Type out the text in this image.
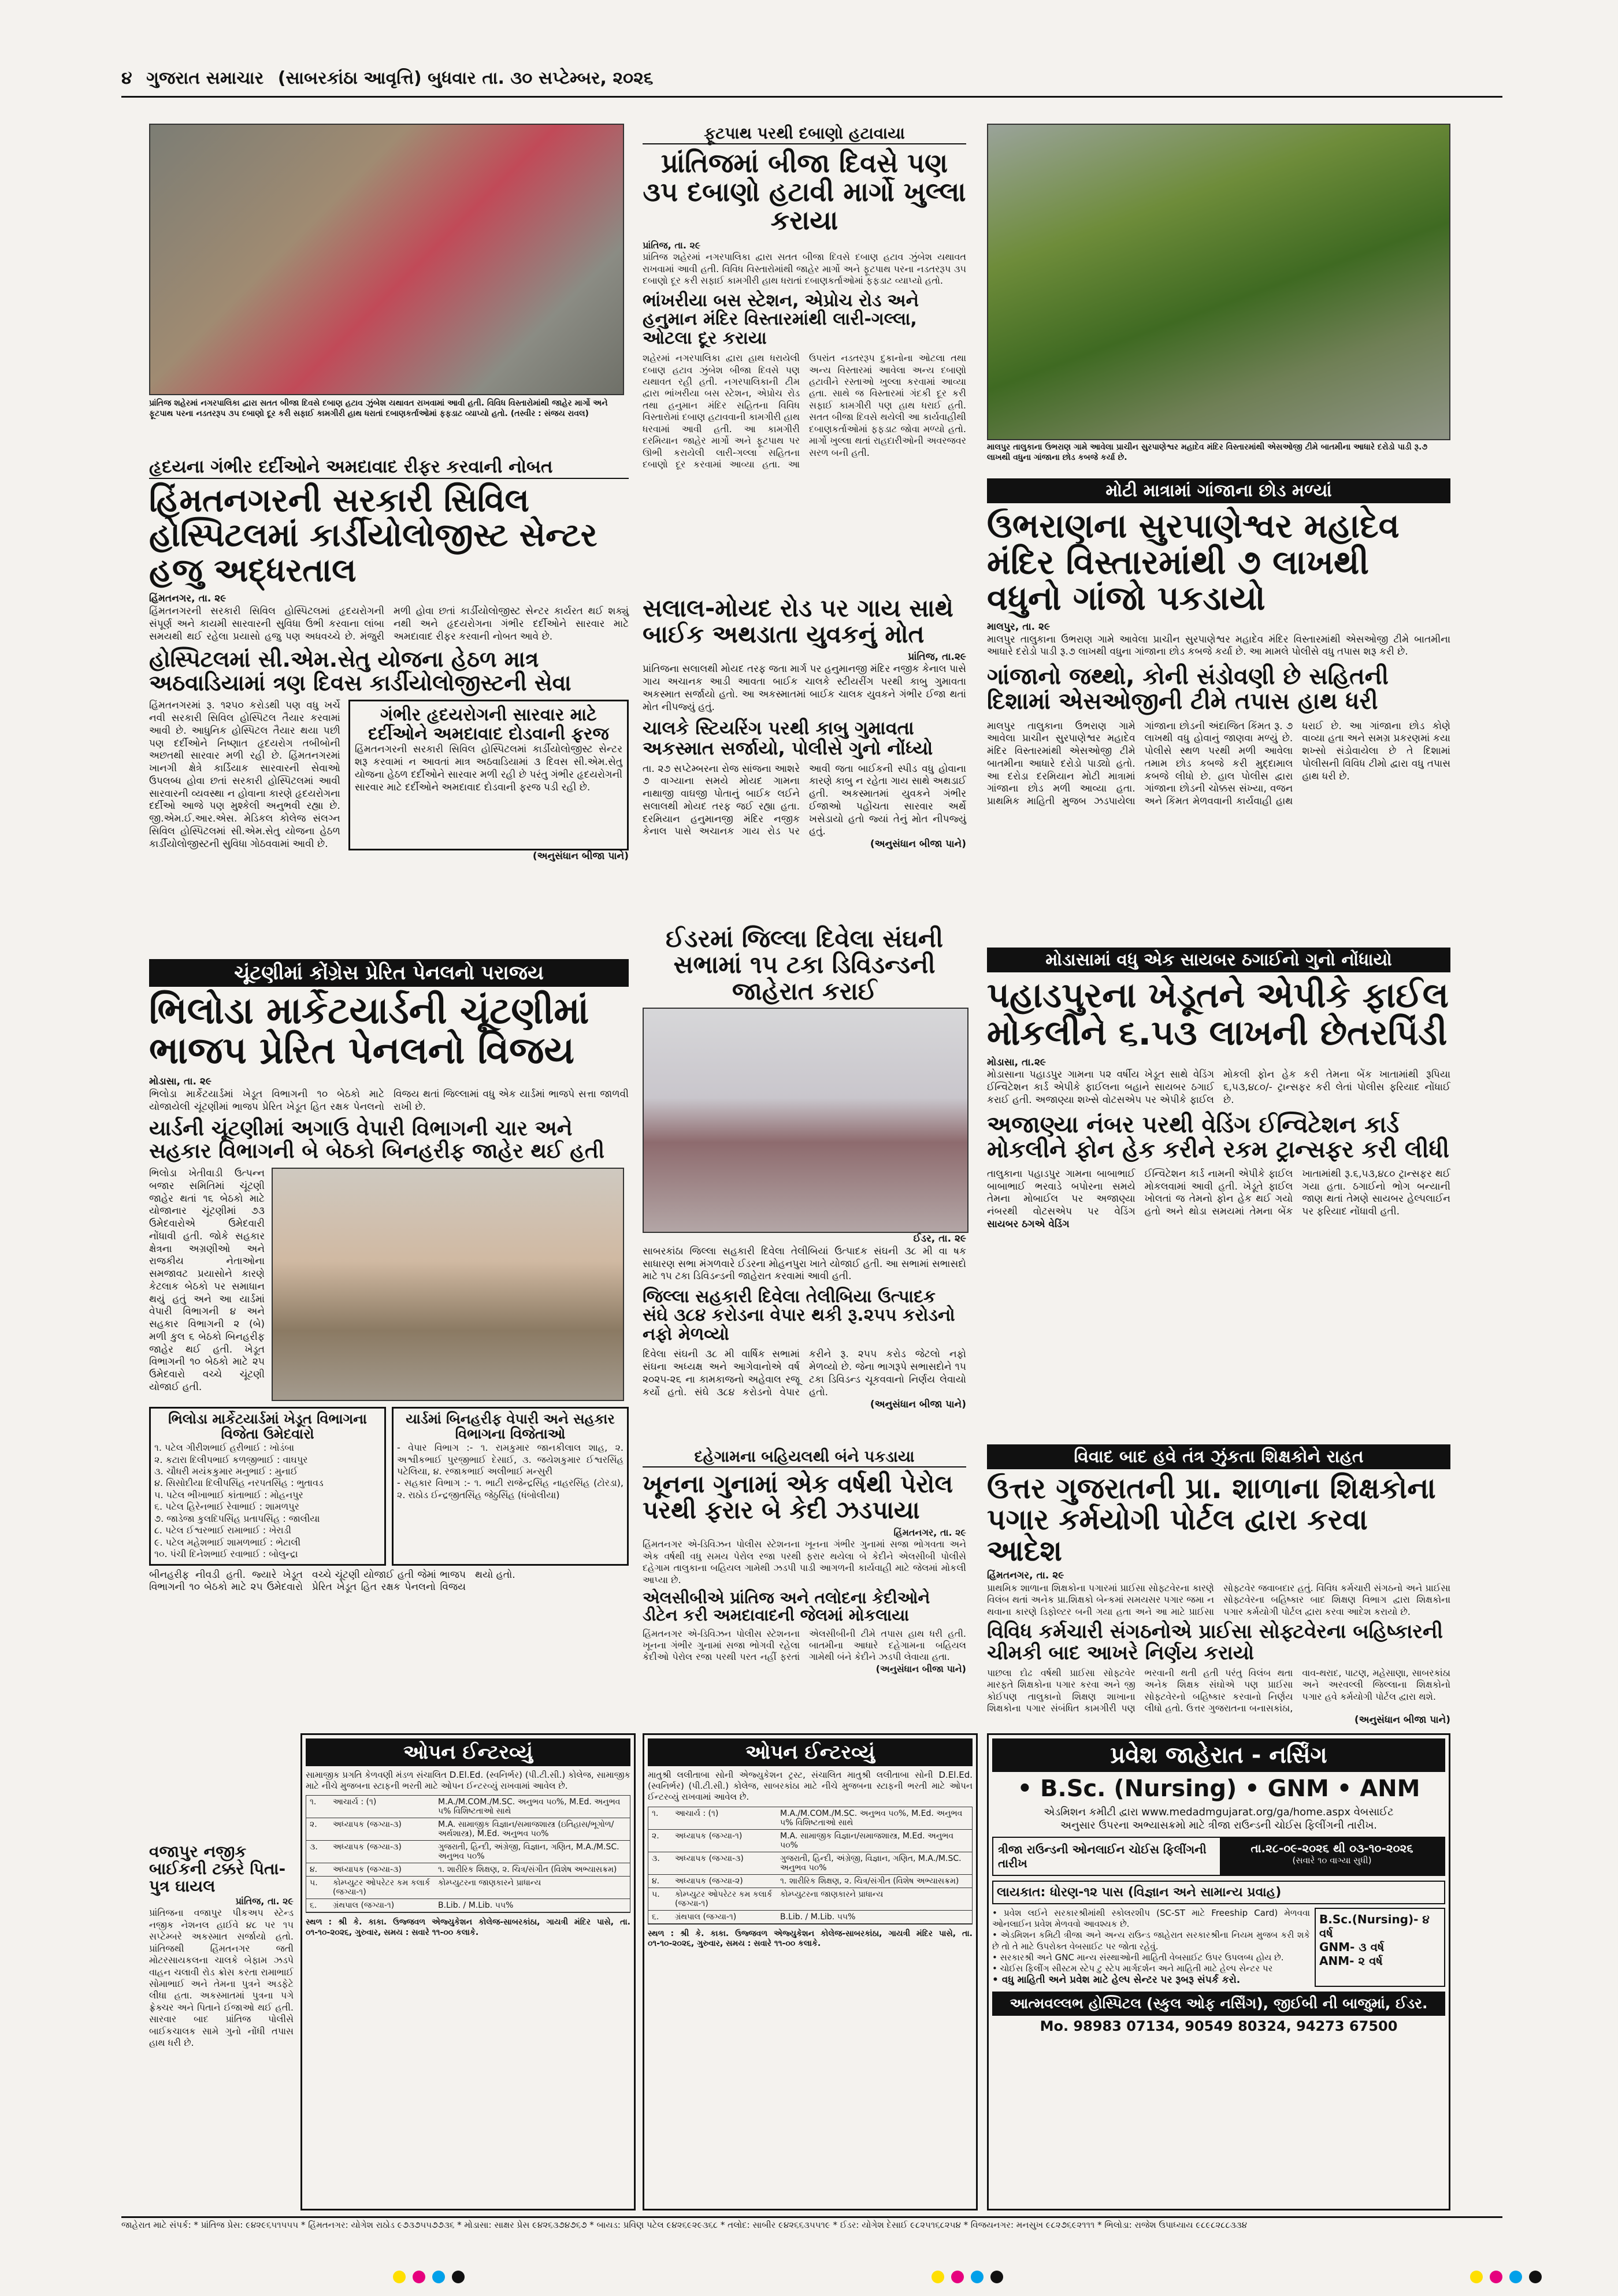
૪ ગુજરાત સમાચાર (સાબરકાંઠા આવૃત્તિ) બુધવાર તા. ૩૦ સપ્ટેમ્બર, ૨૦૨૬
પ્રાંતિજ શહેરમાં નગરપાલિકા દ્વારા સતત બીજા દિવસે દબાણ હટાવ ઝુંબેશ યથાવત રાખવામાં આવી હતી. વિવિધ વિસ્તારોમાંથી જાહેર માર્ગો અને ફૂટપાથ પરના નડતરરૂપ ૩૫ દબાણો દૂર કરી સફાઈ કામગીરી હાથ ધરાતાં દબાણકર્તાઓમાં ફફડાટ વ્યાપ્યો હતો. (તસ્વીર : સંજય રાવલ)
ફૂટપાથ પરથી દબાણો હટાવાયા
પ્રાંતિજમાં બીજા દિવસે પણ ૩૫ દબાણો હટાવી માર્ગો ખુલ્લા કરાયા
પ્રાંતિજ, તા. ૨૯
પ્રાંતિજ શહેરમાં નગરપાલિકા દ્વારા સતત બીજા દિવસે દબાણ હટાવ ઝુંબેશ યથાવત રાખવામાં આવી હતી. વિવિધ વિસ્તારોમાંથી જાહેર માર્ગો અને ફૂટપાથ પરના નડતરરૂપ ૩૫ દબાણો દૂર કરી સફાઈ કામગીરી હાથ ધરાતાં દબાણકર્તાઓમાં ફફડાટ વ્યાપ્યો હતો.
ભાંખરીયા બસ સ્ટેશન, એપ્રોચ રોડ અને હનુમાન મંદિર વિસ્તારમાંથી લારી-ગલ્લા, ઓટલા દૂર કરાયા
શહેરમાં નગરપાલિકા દ્વારા હાથ ધરાયેલી દબાણ હટાવ ઝુંબેશ બીજા દિવસે પણ યથાવત રહી હતી. નગરપાલિકાની ટીમ દ્વારા ભાંખરીયા બસ સ્ટેશન, એપ્રોચ રોડ તથા હનુમાન મંદિર સહિતના વિવિધ વિસ્તારોમાં દબાણ હટાવવાની કામગીરી હાથ ધરવામાં આવી હતી. આ કામગીરી દરમિયાન જાહેર માર્ગો અને ફૂટપાથ પર ઊભી કરાયેલી લારી-ગલ્લા સહિતના દબાણો દૂર કરવામાં આવ્યા હતા. આ ઉપરાંત નડતરરૂપ દુકાનોના ઓટલા તથા અન્ય વિસ્તારમાં આવેલા અન્ય દબાણો હટાવીને રસ્તાઓ ખુલ્લા કરવામાં આવ્યા હતા. સાથે જ વિસ્તારમાં ગંદકી દૂર કરી સફાઈ કામગીરી પણ હાથ ધરાઈ હતી. સતત બીજા દિવસે થયેલી આ કાર્યવાહીથી દબાણકર્તાઓમાં ફફડાટ જોવા મળ્યો હતો. માર્ગો ખુલ્લા થતાં રાહદારીઓની અવરજવર સરળ બની હતી.	માલપુર તાલુકાના ઉભરાણ ગામે આવેલા પ્રાચીન સુરપાણેશ્વર મહાદેવ મંદિર વિસ્તારમાંથી એસઓજી ટીમે બાતમીના આધારે દરોડો પાડી રૂ.૭ લાખથી વધુના ગાંજાના છોડ કબજે કર્યા છે.
મોટી માત્રામાં ગાંજાના છોડ મળ્યાં
ઉભરાણના સુરપાણેશ્વર મહાદેવ મંદિર વિસ્તારમાંથી ૭ લાખથી વધુનો ગાંજો પકડાયો
માલપુર, તા. ૨૯
માલપુર તાલુકાના ઉભરાણ ગામે આવેલા પ્રાચીન સુરપાણેશ્વર મહાદેવ મંદિર વિસ્તારમાંથી એસઓજી ટીમે બાતમીના આધારે દરોડો પાડી રૂ.૭ લાખથી વધુના ગાંજાના છોડ કબજે કર્યા છે. આ મામલે પોલીસે વધુ તપાસ શરૂ કરી છે.
ગાંજાનો જથ્થો, કોની સંડોવણી છે સહિતની દિશામાં એસઓજીની ટીમે તપાસ હાથ ધરી
માલપુર તાલુકાના ઉભરાણ ગામે આવેલા પ્રાચીન સુરપાણેશ્વર મહાદેવ મંદિર વિસ્તારમાંથી એસઓજી ટીમે બાતમીના આધારે દરોડો પાડ્યો હતો. આ દરોડા દરમિયાન મોટી માત્રામાં ગાંજાના છોડ મળી આવ્યા હતા. પ્રાથમિક માહિતી મુજબ ઝડપાયેલા ગાંજાના છોડની અંદાજિત કિંમત રૂ. ૭ લાખથી વધુ હોવાનું જાણવા મળ્યું છે. પોલીસે સ્થળ પરથી મળી આવેલા તમામ છોડ કબજે કરી મુદ્દામાલ કબજે લીધો છે. હાલ પોલીસ દ્વારા ગાંજાના છોડની ચોક્કસ સંખ્યા, વજન અને કિંમત મેળવવાની કાર્યવાહી હાથ ધરાઈ છે. આ ગાંજાના છોડ કોણે વાવ્યા હતા અને સમગ્ર પ્રકરણમાં કયા શખ્સો સંડોવાયેલા છે તે દિશામાં પોલીસની વિવિધ ટીમો દ્વારા વધુ તપાસ હાથ ધરી છે.
હૃદયના ગંભીર દર્દીઓને અમદાવાદ રીફર કરવાની નોબત
હિંમતનગરની સરકારી સિવિલ હોસ્પિટલમાં કાર્ડીયોલોજીસ્ટ સેન્ટર હજુ અદ્ધરતાલ
હિંમતનગર, તા. ૨૯
હિંમતનગરની સરકારી સિવિલ હોસ્પિટલમાં હૃદયરોગની સંપૂર્ણ અને કાયમી સારવારની સુવિધા ઉભી કરવાના લાંબા સમયથી થઈ રહેલા પ્રયાસો હજુ પણ અધવચ્ચે છે. મંજુરી મળી હોવા છતાં કાર્ડીયોલોજીસ્ટ સેન્ટર કાર્યરત થઈ શક્યું નથી અને હૃદયરોગના ગંભીર દર્દીઓને સારવાર માટે અમદાવાદ રીફર કરવાની નોબત આવે છે.
હોસ્પિટલમાં સી.એમ.સેતુ યોજના હેઠળ માત્ર અઠવાડિયામાં ત્રણ દિવસ કાર્ડીયોલોજીસ્ટની સેવા
હિંમતનગરમાં રૂ. ૧૨૫૦ કરોડથી પણ વધુ ખર્ચે નવી સરકારી સિવિલ હોસ્પિટલ તૈયાર કરવામાં આવી છે. આધુનિક હોસ્પિટલ તૈયાર થયા પછી પણ દર્દીઓને નિષ્ણાત હૃદયરોગ તબીબોની અછતથી સારવાર મળી રહી છે. હિંમતનગરમાં ખાનગી ક્ષેત્રે કાર્ડિયાક સારવારની સેવાઓ ઉપલબ્ધ હોવા છતાં સરકારી હોસ્પિટલમાં આવી સારવારની વ્યવસ્થા ન હોવાના કારણે હૃદયરોગના દર્દીઓ આજે પણ મુશ્કેલી અનુભવી રહ્યા છે. જી.એમ.ઈ.આર.એસ. મેડિકલ કોલેજ સંલગ્ન સિવિલ હોસ્પિટલમાં સી.એમ.સેતુ યોજના હેઠળ કાર્ડીયોલોજીસ્ટની સુવિધા ગોઠવવામાં આવી છે.
ગંભીર હૃદયરોગની સારવાર માટે દર્દીઓને અમદાવાદ દોડવાની ફરજ
હિંમતનગરની સરકારી સિવિલ હોસ્પિટલમાં કાર્ડીયોલોજીસ્ટ સેન્ટર શરૂ કરવામાં ન આવતાં માત્ર અઠવાડિયામાં ૩ દિવસ સી.એમ.સેતુ યોજના હેઠળ દર્દીઓને સારવાર મળી રહી છે પરંતુ ગંભીર હૃદયરોગની સારવાર માટે દર્દીઓને અમદાવાદ દોડવાની ફરજ પડી રહી છે.
(અનુસંધાન બીજા પાને)
સલાલ-મોયદ રોડ પર ગાય સાથે બાઈક અથડાતા યુવકનું મોત
પ્રાંતિજ, તા.૨૯
પ્રાંતિજના સલાલથી મોયદ તરફ જતા માર્ગ પર હનુમાનજી મંદિર નજીક કેનાલ પાસે ગાય અચાનક આડી આવતા બાઈક ચાલકે સ્ટીયરીંગ પરથી કાબુ ગુમાવતા અકસ્માત સર્જાયો હતો. આ અકસ્માતમાં બાઈક ચાલક યુવકને ગંભીર ઈજા થતાં મોત નીપજ્યું હતું.
ચાલકે સ્ટિયરિંગ પરથી કાબુ ગુમાવતા અકસ્માત સર્જાયો, પોલીસે ગુનો નોંધ્યો
તા. ૨૭ સપ્ટેમ્બરના રોજ સાંજના આશરે ૭ વાગ્યાના સમયે મોયદ ગામના નાથાજી વાઘજી પોતાનું બાઈક લઈને સલાલથી મોયદ તરફ જઈ રહ્યા હતા. દરમિયાન હનુમાનજી મંદિર નજીક કેનાલ પાસે અચાનક ગાય રોડ પર આવી જતા બાઈકની સ્પીડ વધુ હોવાના કારણે કાબુ ન રહેતા ગાય સાથે અથડાઈ હતી. અકસ્માતમાં યુવકને ગંભીર ઈજાઓ પહોંચતા સારવાર અર્થે ખસેડાયો હતો જ્યાં તેનું મોત નીપજ્યું હતું.
(અનુસંધાન બીજા પાને)
ઈડરમાં જિલ્લા દિવેલા સંઘની સભામાં ૧૫ ટકા ડિવિડન્ડની જાહેરાત કરાઈ
ઈડર, તા. ૨૯
સાબરકાંઠા જિલ્લા સહકારી દિવેલા તેલીબિયાં ઉત્પાદક સંઘની ૩૮ મી વા ષક સાધારણ સભા મંગળવારે ઈડરના મોહનપુરા ખાતે યોજાઈ હતી. આ સભામાં સભાસદો માટે ૧૫ ટકા ડિવિડન્ડની જાહેરાત કરવામાં આવી હતી.
જિલ્લા સહકારી દિવેલા તેલીબિયા ઉત્પાદક સંઘે ૩૮૪ કરોડના વેપાર થકી રૂ.૨૫૫ કરોડનો નફો મેળવ્યો
દિવેલા સંઘની ૩૮ મી વાર્ષિક સભામાં સંઘના અધ્યક્ષ અને આગેવાનોએ વર્ષ ૨૦૨૫-૨૬ ના કામકાજનો અહેવાલ રજૂ કર્યો હતો. સંઘે ૩૮૪ કરોડનો વેપાર કરીને રૂ. ૨૫૫ કરોડ જેટલો નફો મેળવ્યો છે. જેના ભાગરૂપે સભાસદોને ૧૫ ટકા ડિવિડન્ડ ચૂકવવાનો નિર્ણય લેવાયો હતો.
(અનુસંધાન બીજા પાને)
મોડાસામાં વધુ એક સાયબર ઠગાઈનો ગુનો નોંધાયો
પહાડપુરના ખેડૂતને એપીકે ફાઈલ મોકલીને ૬.૫૩ લાખની છેતરપિંડી
મોડાસા, તા.૨૯
મોડાસાના પહાડપુર ગામના ૫૨ વર્ષીય ખેડૂત સાથે વેડિંગ ઈન્વિટેશન કાર્ડ એપીકે ફાઈલના બહાને સાયબર ઠગાઈ કરાઈ હતી. અજાણ્યા શખ્સે વોટસએપ પર એપીકે ફાઈલ મોકલી ફોન હેક કરી તેમના બેંક ખાતામાંથી રૂપિયા ૬,૫૩,૪૮૦/- ટ્રાન્સફર કરી લેતાં પોલીસ ફરિયાદ નોંધાઈ છે.
અજાણ્યા નંબર પરથી વેડિંગ ઈન્વિટેશન કાર્ડ મોકલીને ફોન હેક કરીને રકમ ટ્રાન્સફર કરી લીધી
તાલુકાના પહાડપુર ગામના બાબાભાઈ બાબાભાઈ ભરવાડે બપોરના સમયે તેમના મોબાઈલ પર અજાણ્યા નંબરથી વોટસએપ પર વેડિંગ ઈન્વિટેશન કાર્ડ નામની એપીકે ફાઈલ મોકલવામાં આવી હતી. ખેડૂતે ફાઈલ ખોલતાં જ તેમનો ફોન હેક થઈ ગયો હતો અને થોડા સમયમાં તેમના બેંક ખાતામાંથી રૂ.૬,૫૩,૪૮૦ ટ્રાન્સફર થઈ ગયા હતા. ઠગાઈનો ભોગ બન્યાની જાણ થતાં તેમણે સાયબર હેલ્પલાઈન પર ફરિયાદ નોંધાવી હતી.
સાયબર ઠગએ વેડિંગ
ચૂંટણીમાં કોંગ્રેસ પ્રેરિત પેનલનો પરાજય
ભિલોડા માર્કેટયાર્ડની ચૂંટણીમાં ભાજપ પ્રેરિત પેનલનો વિજય
મોડાસા, તા. ૨૯
ભિલોડા માર્કેટયાર્ડમાં ખેડૂત વિભાગની ૧૦ બેઠકો માટે યોજાયેલી ચૂંટણીમાં ભાજપ પ્રેરિત ખેડૂત હિત રક્ષક પેનલનો વિજય થતાં જિલ્લામાં વધુ એક યાર્ડમાં ભાજપે સત્તા જાળવી રાખી છે.
યાર્ડની ચૂંટણીમાં અગાઉ વેપારી વિભાગની ચાર અને સહકાર વિભાગની બે બેઠકો બિનહરીફ જાહેર થઈ હતી
ભિલોડા ખેતીવાડી ઉત્પન્ન બજાર સમિતિમાં ચૂંટણી જાહેર થતાં ૧૬ બેઠકો માટે યોજાનાર ચૂંટણીમાં ૭૩ ઉમેદવારોએ ઉમેદવારી નોંધાવી હતી. જોકે સહકાર ક્ષેત્રના અગ્રણીઓ અને રાજકીય નેતાઓના સમજાવટ પ્રયાસોને કારણે કેટલાક બેઠકો પર સમાધાન થયું હતું અને આ યાર્ડમાં વેપારી વિભાગની ૪ અને સહકાર વિભાગની ૨ (બે) મળી કુલ ૬ બેઠકો બિનહરીફ જાહેર થઈ હતી. ખેડૂત વિભાગની ૧૦ બેઠકો માટે ૨૫ ઉમેદવારો વચ્ચે ચૂંટણી યોજાઈ હતી.
ભિલોડા માર્કેટયાર્ડમાં ખેડૂત વિભાગના વિજેતા ઉમેદવારો
૧. પટેલ ગીરીશભાઈ હરીભાઈ : ખોડંબા
૨. કટારા દિલીપભાઈ કળજીભાઈ : વાઘપુર
૩. ચૌધરી મયંકકુમાર મનુભાઈ : મુનાઈ
૪. સિસોદીયા દિલીપસિંહ નરપતસિંહ : ભુતાવડ
૫. પટેલ ભીખાભાઈ કાંતાભાઈ : મોહનપુર
૬. પટેલ હિરેનભાઈ રેવાભાઈ : શામળપુર
૭. જાડેજા કુલદિપસિંહ પ્રતાપસિંહ : જાલીયા
૮. પટેલ ઈશ્વરભાઈ રામાભાઈ : ખેરાડી
૯. પટેલ મહેશભાઈ શામળભાઈ : ભેટાલી
૧૦. પંચી દિનેશભાઈ રવાભાઈ : બોલુન્દ્રા
યાર્ડમાં બિનહરીફ વેપારી અને સહકાર વિભાગના વિજેતાઓ
- વેપાર વિભાગ :- ૧. રામકુમાર જાનકીલાલ શાહ, ૨. અશ્વીકભાઈ પુરજીભાઈ દેસાઈ, ૩. જયેશકુમાર ઈશ્વરસિંહ પટેલિયા, ૪. રજાકભાઈ અલીભાઈ મન્સુરી
- સહકાર વિભાગ :- ૧. ભાટી રાજેન્દ્રસિંહ નાહરસિંહ (ટોરડા), ૨. રાઠોડ ઈન્દ્રજીતસિંહ જેઠુસિંહ (ધંબોલીયા)
બીનહરીફ નીવડી હતી. જ્યારે ખેડૂત વિભાગની ૧૦ બેઠકો માટે ૨૫ ઉમેદવારો વચ્ચે ચૂંટણી યોજાઈ હતી જેમાં ભાજપ પ્રેરિત ખેડૂત હિત રક્ષક પેનલનો વિજય થયો હતો.
વિવાદ બાદ હવે તંત્ર ઝુંકતા શિક્ષકોને રાહત
ઉત્તર ગુજરાતની પ્રા. શાળાના શિક્ષકોના પગાર કર્મયોગી પોર્ટલ દ્વારા કરવા આદેશ
હિંમતનગર, તા. ૨૯
પ્રાથમિક શાળાના શિક્ષકોના પગારમાં પ્રાઈસા સોફ્ટવેરના કારણે વિલંબ થતાં અનેક પ્રા.શિક્ષકો બેન્કમાં સમયસર પગાર જમા ન થવાના કારણે ડિફોલ્ટર બની ગયા હતા અને આ માટે પ્રાઈસા સોફ્ટવેર જવાબદાર હતું. વિવિધ કર્મચારી સંગઠનો અને પ્રાઈસા સોફ્ટવેરના બહિષ્કાર બાદ શિક્ષણ વિભાગ દ્વારા શિક્ષકોના પગાર કર્મયોગી પોર્ટલ દ્વારા કરવા આદેશ કરાયો છે.
વિવિધ કર્મચારી સંગઠનોએ પ્રાઈસા સોફ્ટવેરના બહિષ્કારની ચીમકી બાદ આખરે નિર્ણય કરાયો
પાછલા દોઢ વર્ષથી પ્રાઈસા સોફ્ટવેર મારફતે શિક્ષકોના પગાર કરવા અને જી કોઈપણ તાલુકાનો શિક્ષણ શાખાના શિક્ષકોના પગાર સંબંધિત કામગીરી પણ ભરવાની થતી હતી પરંતુ વિલંબ થતા અનેક શિક્ષક સંઘોએ પણ પ્રાઈસા સોફ્ટવેરનો બહિષ્કાર કરવાનો નિર્ણય લીધો હતો. ઉત્તર ગુજરાતના બનાસકાંઠા, વાવ-થરાદ, પાટણ, મહેસાણા, સાબરકાંઠા અને અરવલ્લી જિલ્લાના શિક્ષકોનો પગાર હવે કર્મયોગી પોર્ટલ દ્વારા થશે.
(અનુસંધાન બીજા પાને)
દહેગામના બહિયલથી બંને પકડાયા
ખૂનના ગુનામાં એક વર્ષથી પેરોલ પરથી ફરાર બે કેદી ઝડપાયા
હિંમતનગર, તા. ૨૯
હિંમતનગર એ-ડિવિઝન પોલીસ સ્ટેશનના ખૂનના ગંભીર ગુનામાં સજા ભોગવતા અને એક વર્ષથી વધુ સમય પેરોલ રજા પરથી ફરાર થયેલા બે કેદીને એલસીબી પોલીસે દહેગામ તાલુકાના બહિયલ ગામેથી ઝડપી પાડી આગળની કાર્યવાહી માટે જેલમાં મોકલી આપ્યા છે.
એલસીબીએ પ્રાંતિજ અને તલોદના કેદીઓને ડીટેન કરી અમદાવાદની જેલમાં મોકલાયા
હિંમતનગર એ-ડિવિઝન પોલીસ સ્ટેશનના ખૂનના ગંભીર ગુનામાં સજા ભોગવી રહેલા કેદીઓ પેરોલ રજા પરથી પરત નહીં ફરતાં એલસીબીની ટીમે તપાસ હાથ ધરી હતી. બાતમીના આધારે દહેગામના બહિયલ ગામેથી બંને કેદીને ઝડપી લેવાયા હતા.
(અનુસંધાન બીજા પાને)
વજાપુર નજીક બાઈકની ટક્કરે પિતા-પુત્ર ઘાયલ
પ્રાંતિજ, તા. ૨૯
પ્રાંતિજના વજાપુર પીકઅપ સ્ટેન્ડ નજીક નેશનલ હાઈવે ૪૮ પર ૧૫ સપ્ટેમ્બરે અકસ્માત સર્જાયો હતો. પ્રાંતિજથી હિંમતનગર જતી મોટરસાયકલના ચાલકે બેફામ ઝડપે વાહન ચલાવી રોડ ક્રોસ કરતા રામાભાઈ સોમાભાઈ અને તેમના પુત્રને અડફેટે લીધા હતા. અકસ્માતમાં પુત્રના પગે ફ્રેક્ચર અને પિતાને ઈજાઓ થઈ હતી. સારવાર બાદ પ્રાંતિજ પોલીસે બાઈકચાલક સામે ગુનો નોંધી તપાસ હાથ ધરી છે.
ઓપન ઈન્ટરવ્યું
સામાજીક પ્રગતિ કેળવણી મંડળ સંચાલિત D.El.Ed. (સ્વનિર્ભર) (પી.ટી.સી.) કોલેજ, સામાજીક માટે નીચે મુજબના સ્ટાફની ભરતી માટે ઓપન ઈન્ટરવ્યું રાખવામાં આવેલ છે.
૧.	આચાર્ય : (૧)	M.A./M.COM./M.SC. અનુભવ ૫૦%, M.Ed. અનુભવ ૫% વિશિષ્ટતાઓ સાથે
૨.	અધ્યાપક (જગ્યા-૩)	M.A. સામાજીક વિજ્ઞાન/સમાજશાસ્ત્ર (ઇતિહાસ/ભૂગોળ/અર્થશાસ્ત્ર), M.Ed. અનુભવ ૫૦%
૩.	અધ્યાપક (જગ્યા-૩)	ગુજરાતી, હિન્દી, અંગ્રેજી, વિજ્ઞાન, ગણિત, M.A./M.SC. અનુભવ ૫૦%
૪.	અધ્યાપક (જગ્યા-૩)	૧. શારીરિક શિક્ષણ, ૨. ચિત્ર/સંગીત (વિશેષ અભ્યાસક્રમ)
૫.	કોમ્પ્યુટર ઓપરેટર કમ કલાર્ક (જગ્યા-૧)
કોમ્પ્યુટરના જાણકારને પ્રાધાન્ય
૬.	ગ્રંથપાલ (જગ્યા-૧)	B.Lib. / M.Lib. ૫૫%
સ્થળ : શ્રી કે. કાકા. ઉજ્જવળ એજ્યુકેશન કોલેજ-સાબરકાંઠા, ગાયત્રી મંદિર પાસે, તા. ૦૧-૧૦-૨૦૨૬, ગુરુવાર, સમય : સવારે ૧૧-૦૦ કલાકે.
ઓપન ઈન્ટરવ્યું
માતુશ્રી લલીતાબા સોની એજ્યુકેશન ટ્રસ્ટ, સંચાલિત માતુશ્રી લલીતાબા સોની D.El.Ed. (સ્વનિર્ભર) (પી.ટી.સી.) કોલેજ, સાબરકાંઠા માટે નીચે મુજબના સ્ટાફની ભરતી માટે ઓપન ઈન્ટરવ્યું રાખવામાં આવેલ છે.
૧.	આચાર્ય : (૧)	M.A./M.COM./M.SC. અનુભવ ૫૦%, M.Ed. અનુભવ ૫% વિશિષ્ટતાઓ સાથે
૨.	અધ્યાપક (જગ્યા-૧)	M.A. સામાજીક વિજ્ઞાન/સમાજશાસ્ત્ર, M.Ed. અનુભવ ૫૦%
૩.	અધ્યાપક (જગ્યા-૩)	ગુજરાતી, હિન્દી, અંગ્રેજી, વિજ્ઞાન, ગણિત, M.A./M.SC. અનુભવ ૫૦%
૪.	અધ્યાપક (જગ્યા-૨)	૧. શારીરિક શિક્ષણ, ૨. ચિત્ર/સંગીત (વિશેષ અભ્યાસક્રમ)
૫.	કોમ્પ્યુટર ઓપરેટર કમ કલાર્ક (જગ્યા-૧)
કોમ્પ્યુટરના જાણકારને પ્રાધાન્ય
૬.	ગ્રંથપાલ (જગ્યા-૧)	B.Lib. / M.Lib. ૫૫%
સ્થળ : શ્રી કે. કાકા. ઉજ્જવળ એજ્યુકેશન કોલેજ-સાબરકાંઠા, ગાયત્રી મંદિર પાસે, તા. ૦૧-૧૦-૨૦૨૬, ગુરુવાર, સમય : સવારે ૧૧-૦૦ કલાકે.
પ્રવેશ જાહેરાત - નર્સિંગ
• B.Sc. (Nursing) • GNM • ANM
એડમિશન કમીટી દ્વારા www.medadmgujarat.org/ga/home.aspx વેબસાઈટ
અનુસાર ઉપરના અભ્યાસક્રમો માટે ત્રીજા રાઉન્ડની ચોઈસ ફિલીંગની તારીખ.
ત્રીજા રાઉન્ડની ઓનલાઈન ચોઈસ ફિલીંગની તારીખ
તા.૨૮-૦૯-૨૦૨૬ થી ૦૩-૧૦-૨૦૨૬
(સવારે ૧૦ વાગ્યા સુધી)
લાયકાત: ધોરણ-૧૨ પાસ (વિજ્ઞાન અને સામાન્ય પ્રવાહ)
• પ્રવેશ લઈને સરકારશ્રીમાંથી સ્કોલરશીપ (SC-ST માટે Freeship Card) મેળવવા ઓનલાઈન પ્રવેશ મેળવવો આવશ્યક છે.
• એડમિશન કમિટી ત્રીજા અને અન્ય રાઉન્ડ જાહેરાત સરકારશ્રીના નિયમ મુજબ કરી શકે છે તો તે માટે ઉપરોક્ત વેબસાઈટ પર જોતા રહેવું.
• સરકારશ્રી અને GNC માન્ય સંસ્થાઓની માહિતી વેબસાઈટ ઉપર ઉપલબ્ધ હોય છે.
• ચોઈસ ફિલીંગ સીસ્ટમ સ્ટેપ ટુ સ્ટેપ માર્ગદર્શન અને માહિતી માટે હેલ્પ સેન્ટર પર
• વધુ માહિતી અને પ્રવેશ માટે હેલ્પ સેન્ટર પર રૂબરૂ સંપર્ક કરો.
B.Sc.(Nursing)- ૪ વર્ષ
GNM- ૩ વર્ષ
ANM- ૨ વર્ષ
આત્મવલ્લભ હોસ્પિટલ (સ્કુલ ઓફ નર્સિંગ), જીઈબી ની બાજુમાં, ઈડર.
Mo. 98983 07134, 90549 80324, 94273 67500
જાહેરાત માટે સંપર્ક: * પ્રાંતિજ પ્રેસ: ૯૪૨૯૬૫૧૫૫૫ * હિંમતનગર: યોગેશ રાઠોડ ૯૭૩૭૫૫૭૭૩૬ * મોડાસા: સાક્ષર પ્રેસ ૯૪૨૬૩૭૪૭૬૭ * બાયડ: પ્રવિણ પટેલ ૯૪૨૬૯૨૯૩૬૮ * તલોદ: સાબીર ૯૪૨૬૬૩૫૫૧૯ * ઈડર: યોગેશ દેસાઈ ૯૮૨૫૧૬૮૨૫૪ * વિજયનગર: મનસુખ ૯૮૨૭૬૯૨૧૧૧ * ભિલોડા: રાજેશ ઉપાધ્યાય ૯૮૯૮૨૮૮૩૩૪
